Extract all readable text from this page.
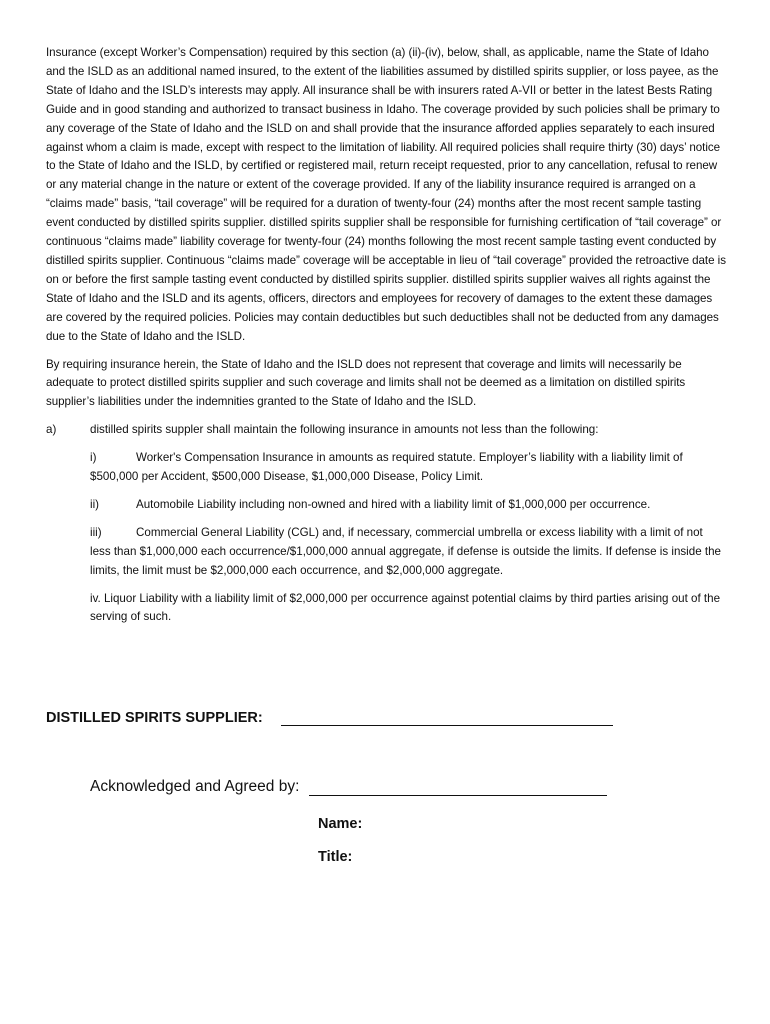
Insurance (except Worker’s Compensation) required by this section (a) (ii)-(iv), below, shall, as applicable, name the State of Idaho and the ISLD as an additional named insured, to the extent of the liabilities assumed by distilled spirits supplier, or loss payee, as the State of Idaho and the ISLD’s interests may apply. All insurance shall be with insurers rated A-VII or better in the latest Bests Rating Guide and in good standing and authorized to transact business in Idaho. The coverage provided by such policies shall be primary to any coverage of the State of Idaho and the ISLD on and shall provide that the insurance afforded applies separately to each insured against whom a claim is made, except with respect to the limitation of liability. All required policies shall require thirty (30) days’ notice to the State of Idaho and the ISLD, by certified or registered mail, return receipt requested, prior to any cancellation, refusal to renew or any material change in the nature or extent of the coverage provided. If any of the liability insurance required is arranged on a “claims made” basis, “tail coverage” will be required for a duration of twenty-four (24) months after the most recent sample tasting event conducted by distilled spirits supplier. distilled spirits supplier shall be responsible for furnishing certification of “tail coverage” or continuous “claims made” liability coverage for twenty-four (24) months following the most recent sample tasting event conducted by distilled spirits supplier. Continuous “claims made” coverage will be acceptable in lieu of “tail coverage” provided the retroactive date is on or before the first sample tasting event conducted by distilled spirits supplier. distilled spirits supplier waives all rights against the State of Idaho and the ISLD and its agents, officers, directors and employees for recovery of damages to the extent these damages are covered by the required policies. Policies may contain deductibles but such deductibles shall not be deducted from any damages due to the State of Idaho and the ISLD.

By requiring insurance herein, the State of Idaho and the ISLD does not represent that coverage and limits will necessarily be adequate to protect distilled spirits supplier and such coverage and limits shall not be deemed as a limitation on distilled spirits supplier’s liabilities under the indemnities granted to the State of Idaho and the ISLD.

a)	distilled spirits suppler shall maintain the following insurance in amounts not less than the following:
i)	Worker's Compensation Insurance in amounts as required statute. Employer’s liability with a liability limit of $500,000 per Accident, $500,000 Disease, $1,000,000 Disease, Policy Limit.
ii)	Automobile Liability including non-owned and hired with a liability limit of $1,000,000 per occurrence.
iii)	Commercial General Liability (CGL) and, if necessary, commercial umbrella or excess liability with a limit of not less than $1,000,000 each occurrence/$1,000,000 annual aggregate, if defense is outside the limits. If defense is inside the limits, the limit must be $2,000,000 each occurrence, and $2,000,000 aggregate.
iv. Liquor Liability with a liability limit of $2,000,000 per occurrence against potential claims by third parties arising out of the serving of such.
DISTILLED SPIRITS SUPPLIER:
Acknowledged and Agreed by:
Name:
Title:
